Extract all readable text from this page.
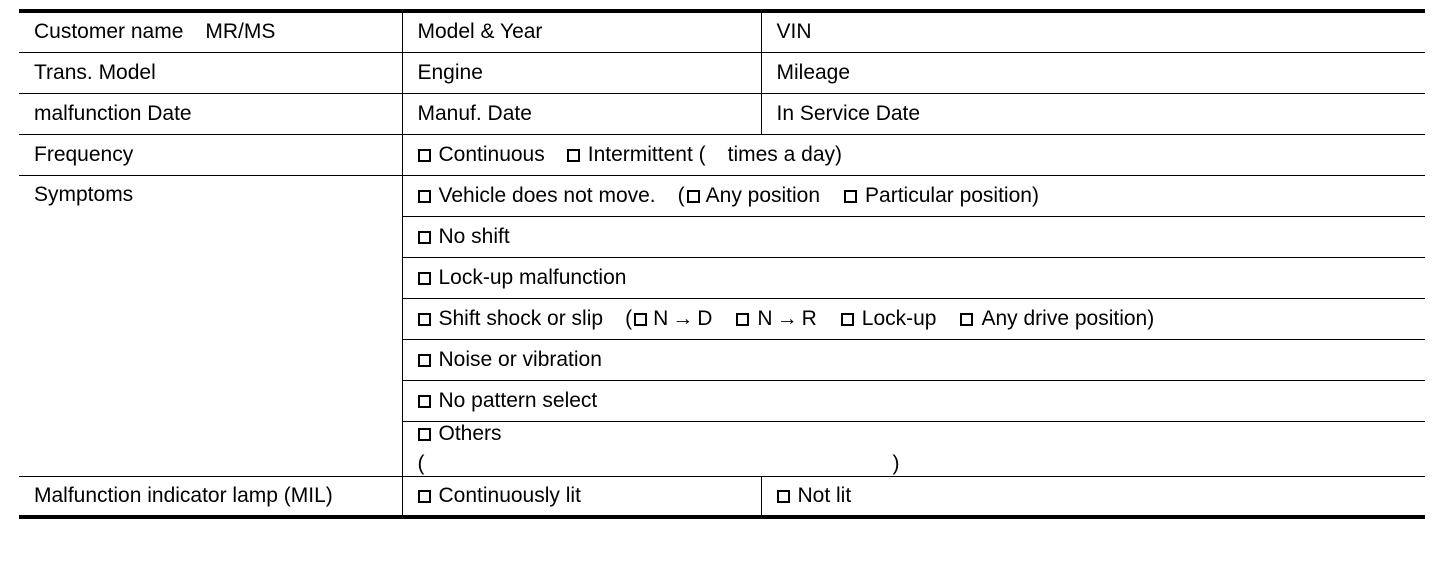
Customer name MR/MS	Model & Year	VIN
Trans. Model	Engine	Mileage
malfunction Date	Manuf. Date	In Service Date
Frequency	Continuous Intermittent ( times a day)	
Symptoms	Vehicle does not move. ( Any position Particular position)	
	No shift	
	Lock-up malfunction	
	Shift shock or slip ( N → D N → R Lock-up Any drive position)	
	Noise or vibration	
	No pattern select	

	Others
( )	

Malfunction indicator lamp (MIL)	Continuously lit	Not lit
